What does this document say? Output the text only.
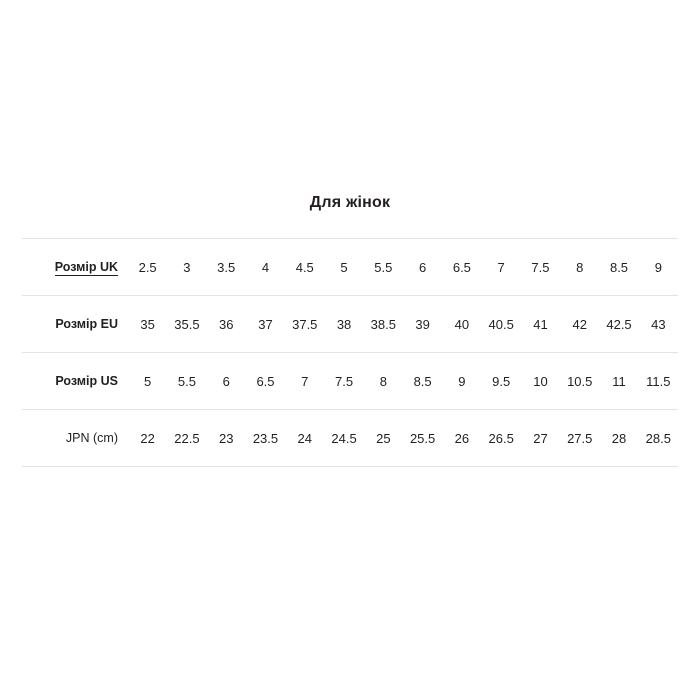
Для жінок
Розмір UK	2.5	3	3.5	4	4.5	5	5.5	6	6.5	7	7.5	8	8.5	9
Розмір EU	35	35.5	36	37	37.5	38	38.5	39	40	40.5	41	42	42.5	43
Розмір US	5	5.5	6	6.5	7	7.5	8	8.5	9	9.5	10	10.5	11	11.5
JPN (cm)	22	22.5	23	23.5	24	24.5	25	25.5	26	26.5	27	27.5	28	28.5
